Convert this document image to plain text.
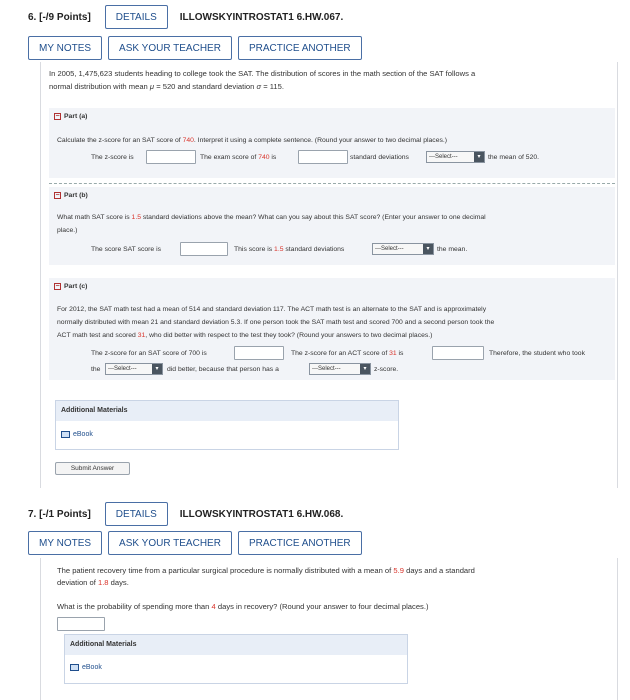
6. [-/9 Points]	DETAILS	ILLOWSKYINTROSTAT1 6.HW.067.
MY NOTES	ASK YOUR TEACHER	PRACTICE ANOTHER
In 2005, 1,475,623 students heading to college took the SAT. The distribution of scores in the math section of the SAT follows a
normal distribution with mean μ = 520 and standard deviation σ = 115.
− Part (a)
Calculate the z-score for an SAT score of 740. Interpret it using a complete sentence. (Round your answer to two decimal places.)
The z-score is	The exam score of 740 is	standard deviations	---Select---	▾	the mean of 520.
− Part (b)
What math SAT score is 1.5 standard deviations above the mean? What can you say about this SAT score? (Enter your answer to one decimal
place.)
The score SAT score is	This score is 1.5 standard deviations	---Select---	▾	the mean.
− Part (c)
For 2012, the SAT math test had a mean of 514 and standard deviation 117. The ACT math test is an alternate to the SAT and is approximately
normally distributed with mean 21 and standard deviation 5.3. If one person took the SAT math test and scored 700 and a second person took the
ACT math test and scored 31, who did better with respect to the test they took? (Round your answers to two decimal places.)
The z-score for an SAT score of 700 is	The z-score for an ACT score of 31 is	Therefore, the student who took
the ---Select---	▾	did better, because that person has a	---Select---	▾	z-score.
Additional Materials
eBook
Submit Answer
7. [-/1 Points]	DETAILS	ILLOWSKYINTROSTAT1 6.HW.068.
MY NOTES	ASK YOUR TEACHER	PRACTICE ANOTHER
The patient recovery time from a particular surgical procedure is normally distributed with a mean of 5.9 days and a standard
deviation of 1.8 days.
What is the probability of spending more than 4 days in recovery? (Round your answer to four decimal places.)
Additional Materials
eBook
